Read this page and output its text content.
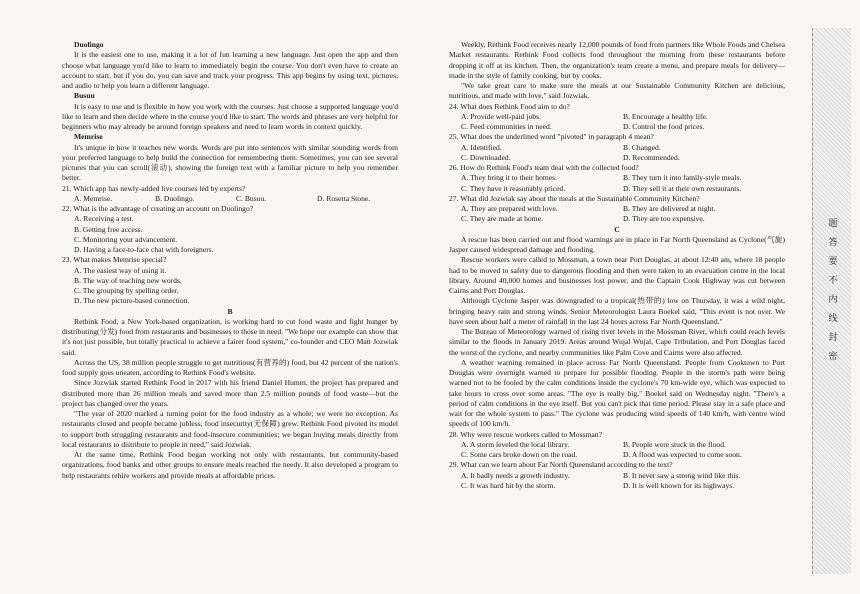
Duolingo

It is the easiest one to use, making it a lot of fun learning a new language. Just open the app and then choose what language you'd like to learn to immediately begin the course. You don't even have to create an account to start, but if you do, you can save and track your progress. This app begins by using text, pictures, and audio to help you learn a different language.

Busuu

It is easy to use and is flexible in how you work with the courses. Just choose a supported language you'd like to learn and then decide where in the course you'd like to start. The words and phrases are very helpful for beginners who may already be around foreign speakers and need to learn words in context quickly.

Memrise

It's unique in how it teaches new words. Words are put into sentences with similar sounding words from your preferred language to help build the connection for remembering them. Sometimes, you can see several pictures that you can scroll(滚动), showing the foreign text with a familiar picture to help you remember better.

21. Which app has newly-added live courses led by experts?

A. Memrise.	B. Duolingo.	C. Busuu.	D. Rosetta Stone.

22. What is the advantage of creating an account on Duolingo?

A. Receiving a test.

B. Getting free access.

C. Monitoring your advancement.

D. Having a face-to-face chat with foreigners.

23. What makes Memrise special?

A. The easiest way of using it.

B. The way of teaching new words.

C. The grouping by spelling order.

D. The new picture-based connection.

B

Rethink Food, a New York-based organization, is working hard to cut food waste and fight hunger by distributing(分发) food from restaurants and businesses to those in need. "We hope our example can show that it's not just possible, but totally practical to achieve a fairer food system," co-founder and CEO Matt Jozwiak said.

Across the US, 38 million people struggle to get nutritious(有营养的) food, but 42 percent of the nation's food supply goes uneaten, according to Rethink Food's website.

Since Jozwiak started Rethink Food in 2017 with his friend Daniel Humm, the project has prepared and distributed more than 26 million meals and saved more than 2.5 million pounds of food waste—but the project has changed over the years.

"The year of 2020 marked a turning point for the food industry as a whole; we were no exception. As restaurants closed and people became jobless, food insecurity(无保障) grew. Rethink Food pivoted its model to support both struggling restaurants and food-insecure communities; we began buying meals directly from local restaurants to distribute to people in need," said Jozwiak.

At the same time, Rethink Food began working not only with restaurants, but community-based organizations, food banks and other groups to ensure meals reached the needy. It also developed a program to help restaurants rehire workers and provide meals at affordable prices.

Weekly, Rethink Food receives nearly 12,000 pounds of food from partners like Whole Foods and Chelsea Market restaurants. Rethink Food collects food throughout the morning from these restaurants before dropping it off at its kitchen. Then, the organization's team create a menu, and prepare meals for delivery—made in the style of family cooking, but by cooks.

"We take great care to make sure the meals at our Sustainable Community Kitchen are delicious, nutritious, and made with love," said Jozwiak.

24. What does Rethink Food aim to do?

A. Provide well-paid jobs.	B. Encourage a healthy life.
C. Feed communities in need.	D. Control the food prices.

25. What does the underlined word "pivoted" in paragraph 4 mean?

A. Identified.	B. Changed.
C. Downloaded.	D. Recommended.

26. How do Rethink Food's team deal with the collected food?

A. They bring it to their homes.	B. They turn it into family-style meals.
C. They have it reasonably priced.	D. They sell it at their own restaurants.

27. What did Jozwiak say about the meals at the Sustainable Community Kitchen?

A. They are prepared with love.	B. They are delivered at night.
C. They are made at home.	D. They are too expensive.

C

A rescue has been carried out and flood warnings are in place in Far North Queensland as Cyclone(气旋) Jasper caused widespread damage and flooding.

Rescue workers were called to Mossman, a town near Port Douglas, at about 12:40 am, where 18 people had to be moved to safety due to dangerous flooding and then were taken to an evacuation centre in the local library. Around 40,000 homes and businesses lost power, and the Captain Cook Highway was cut between Cairns and Port Douglas.

Although Cyclone Jasper was downgraded to a tropical(热带的) low on Thursday, it was a wild night, bringing heavy rain and strong winds. Senior Meteorologist Laura Boekel said, "This event is not over. We have seen about half a meter of rainfall in the last 24 hours across Far North Queensland."

The Bureau of Meteorology warned of rising river levels in the Mossman River, which could reach levels similar to the floods in January 2019. Areas around Wujal Wujal, Cape Tribulation, and Port Douglas faced the worst of the cyclone, and nearby communities like Palm Cove and Cairns were also affected.

A weather warning remained in place across Far North Queensland. People from Cooktown to Port Douglas were overnight warned to prepare for possible flooding. People in the storm's path were being warned not to be fooled by the calm conditions inside the cyclone's 70 km-wide eye, which was expected to take hours to cross over some areas. "The eye is really big," Boekel said on Wednesday night. "There's a period of calm conditions in the eye itself. But you can't pick that time period. Please stay in a safe place and wait for the whole system to pass." The cyclone was producing wind speeds of 140 km/h, with centre wind speeds of 100 km/h.

28. Why were rescue workers called to Mossman?

A. A storm leveled the local library.	B. People were stuck in the flood.
C. Some cars broke down on the road.	D. A flood was expected to come soon.

29. What can we learn about Far North Queensland according to the text?

A. It badly needs a growth industry.	B. It never saw a strong wind like this.
C. It was hard hit by the storm.	D. It is well known for its highways.
题
答
要
不
内
线
封
密
